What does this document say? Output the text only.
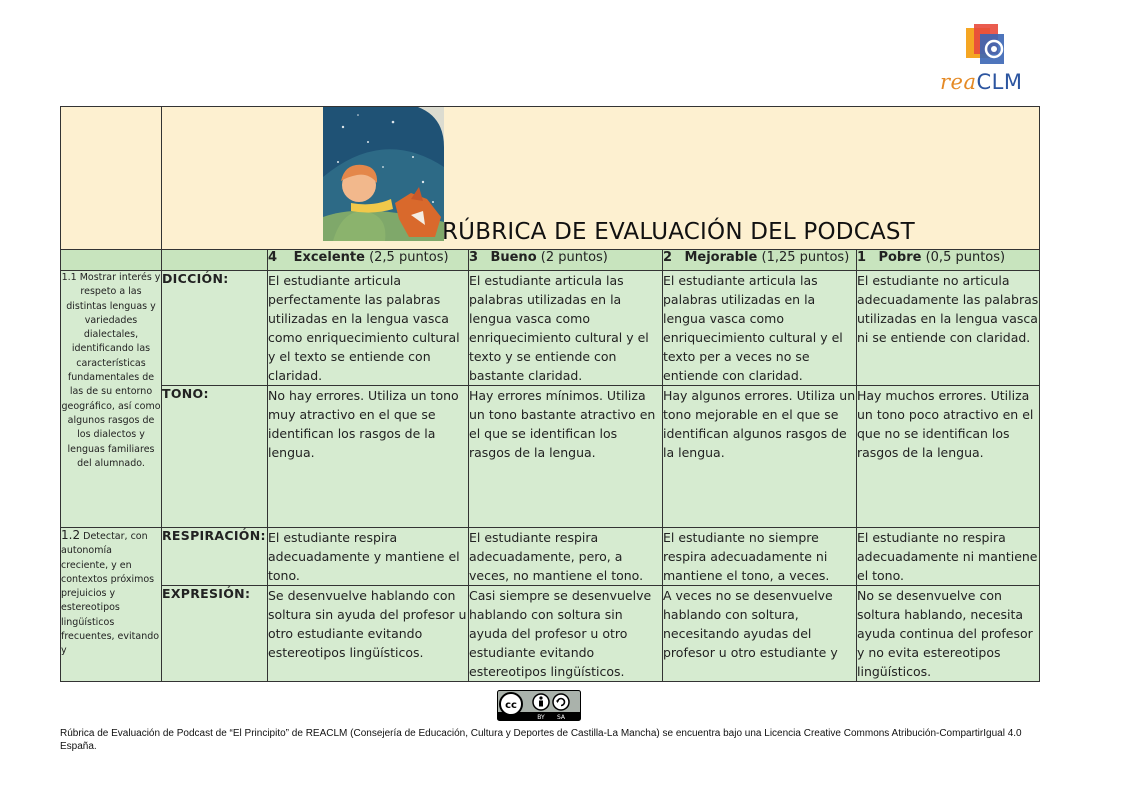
reaCLM

	RÚBRICA DE EVALUACIÓN DEL PODCAST				

		4 Excelente (2,5 puntos)	3 Bueno (2 puntos)	2 Mejorable (1,25 puntos)	1 Pobre (0,5 puntos)
1.1 Mostrar interés y respeto a las distintas lenguas y variedades dialectales, identificando las características fundamentales de las de su entorno geográfico, así como algunos rasgos de los dialectos y lenguas familiares del alumnado.	DICCIÓN:	El estudiante articula perfectamente las palabras utilizadas en la lengua vasca como enriquecimiento cultural y el texto se entiende con claridad.	El estudiante articula las palabras utilizadas en la lengua vasca como enriquecimiento cultural y el texto y se entiende con bastante claridad.	El estudiante articula las palabras utilizadas en la lengua vasca como enriquecimiento cultural y el texto per a veces no se entiende con claridad.	El estudiante no articula adecuadamente las palabras utilizadas en la lengua vasca ni se entiende con claridad.
	TONO:	No hay errores. Utiliza un tono muy atractivo en el que se identifican los rasgos de la lengua.	Hay errores mínimos. Utiliza un tono bastante atractivo en el que se identifican los rasgos de la lengua.	Hay algunos errores. Utiliza un tono mejorable en el que se identifican algunos rasgos de la lengua.	Hay muchos errores. Utiliza un tono poco atractivo en el que no se identifican los rasgos de la lengua.
1.2 Detectar, con autonomía creciente, y en contextos próximos prejuicios y estereotipos lingüísticos frecuentes, evitando y	RESPIRACIÓN:	El estudiante respira adecuadamente y mantiene el tono.	El estudiante respira adecuadamente, pero, a veces, no mantiene el tono.	El estudiante no siempre respira adecuadamente ni mantiene el tono, a veces.	El estudiante no respira adecuadamente ni mantiene el tono.
	EXPRESIÓN:	Se desenvuelve hablando con soltura sin ayuda del profesor u otro estudiante evitando estereotipos lingüísticos.	Casi siempre se desenvuelve hablando con soltura sin ayuda del profesor u otro estudiante evitando estereotipos lingüísticos.	A veces no se desenvuelve hablando con soltura, necesitando ayudas del profesor u otro estudiante y	No se desenvuelve con soltura hablando, necesita ayuda continua del profesor y no evita estereotipos lingüísticos.
cc
BY SA
Rúbrica de Evaluación de Podcast de “El Principito” de REACLM (Consejería de Educación, Cultura y Deportes de Castilla-La Mancha) se encuentra bajo una Licencia Creative Commons Atribución-CompartirIgual 4.0 España.
